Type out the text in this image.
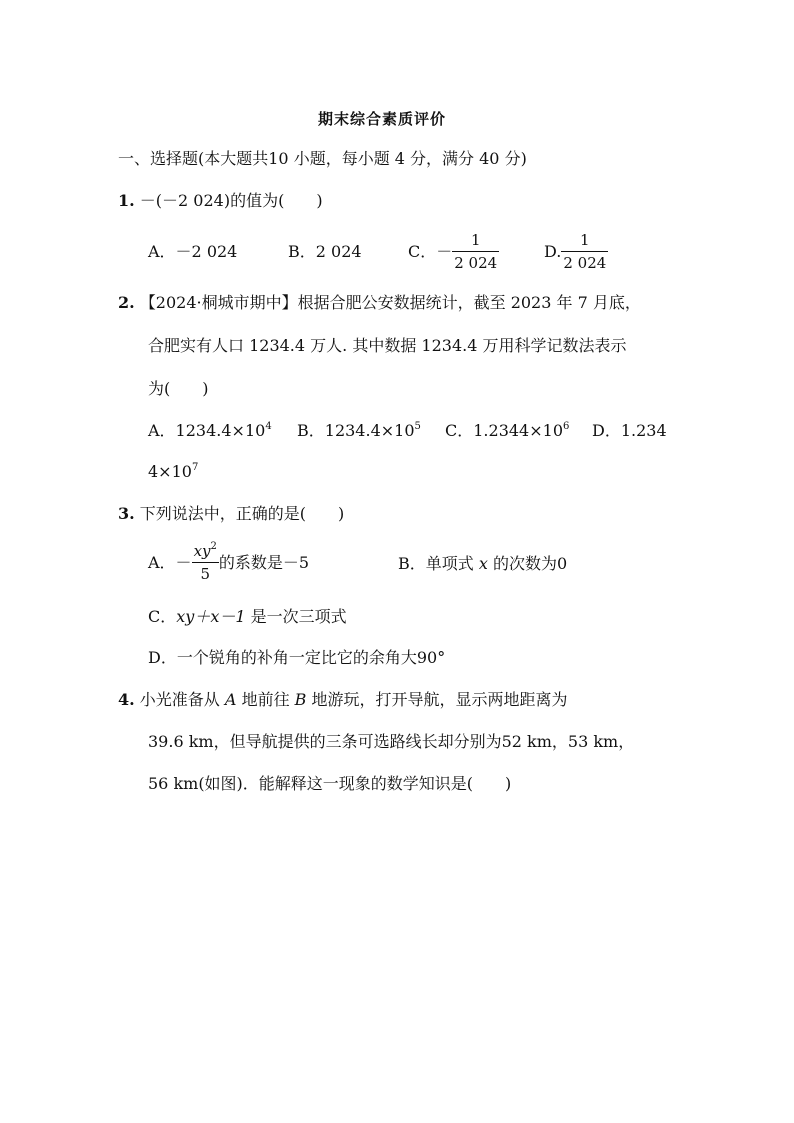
期末综合素质评价
一、选择题(本大题共10 小题，每小题 4 分，满分 40 分)
1. －(－2 024)的值为(　　)
A．－2 024	B．2 024	C．－ $\frac{1}{2 024}$	D. $\frac{1}{2 024}$
2. 【2024·桐城市期中】根据合肥公安数据统计，截至 2023 年 7 月底，
合肥实有人口 1234.4 万人. 其中数据 1234.4 万用科学记数法表示
为(　　)
A．$1234.4\times 10^4$ B．$1234.4\times 10^5$ C．$1.2344\times 10^6$ D．1.234
$4\times 10^7$
3. 下列说法中，正确的是(　　)
A．－ $\frac{xy^2}{5}$ 的系数是－5	B．单项式 x 的次数为0
C．xy＋x－1 是一次三项式
D．一个锐角的补角一定比它的余角大90°
4. 小光准备从 A 地前往 B 地游玩，打开导航，显示两地距离为
39.6 km，但导航提供的三条可选路线长却分别为52 km，53 km，
56 km(如图)．能解释这一现象的数学知识是(　　)
